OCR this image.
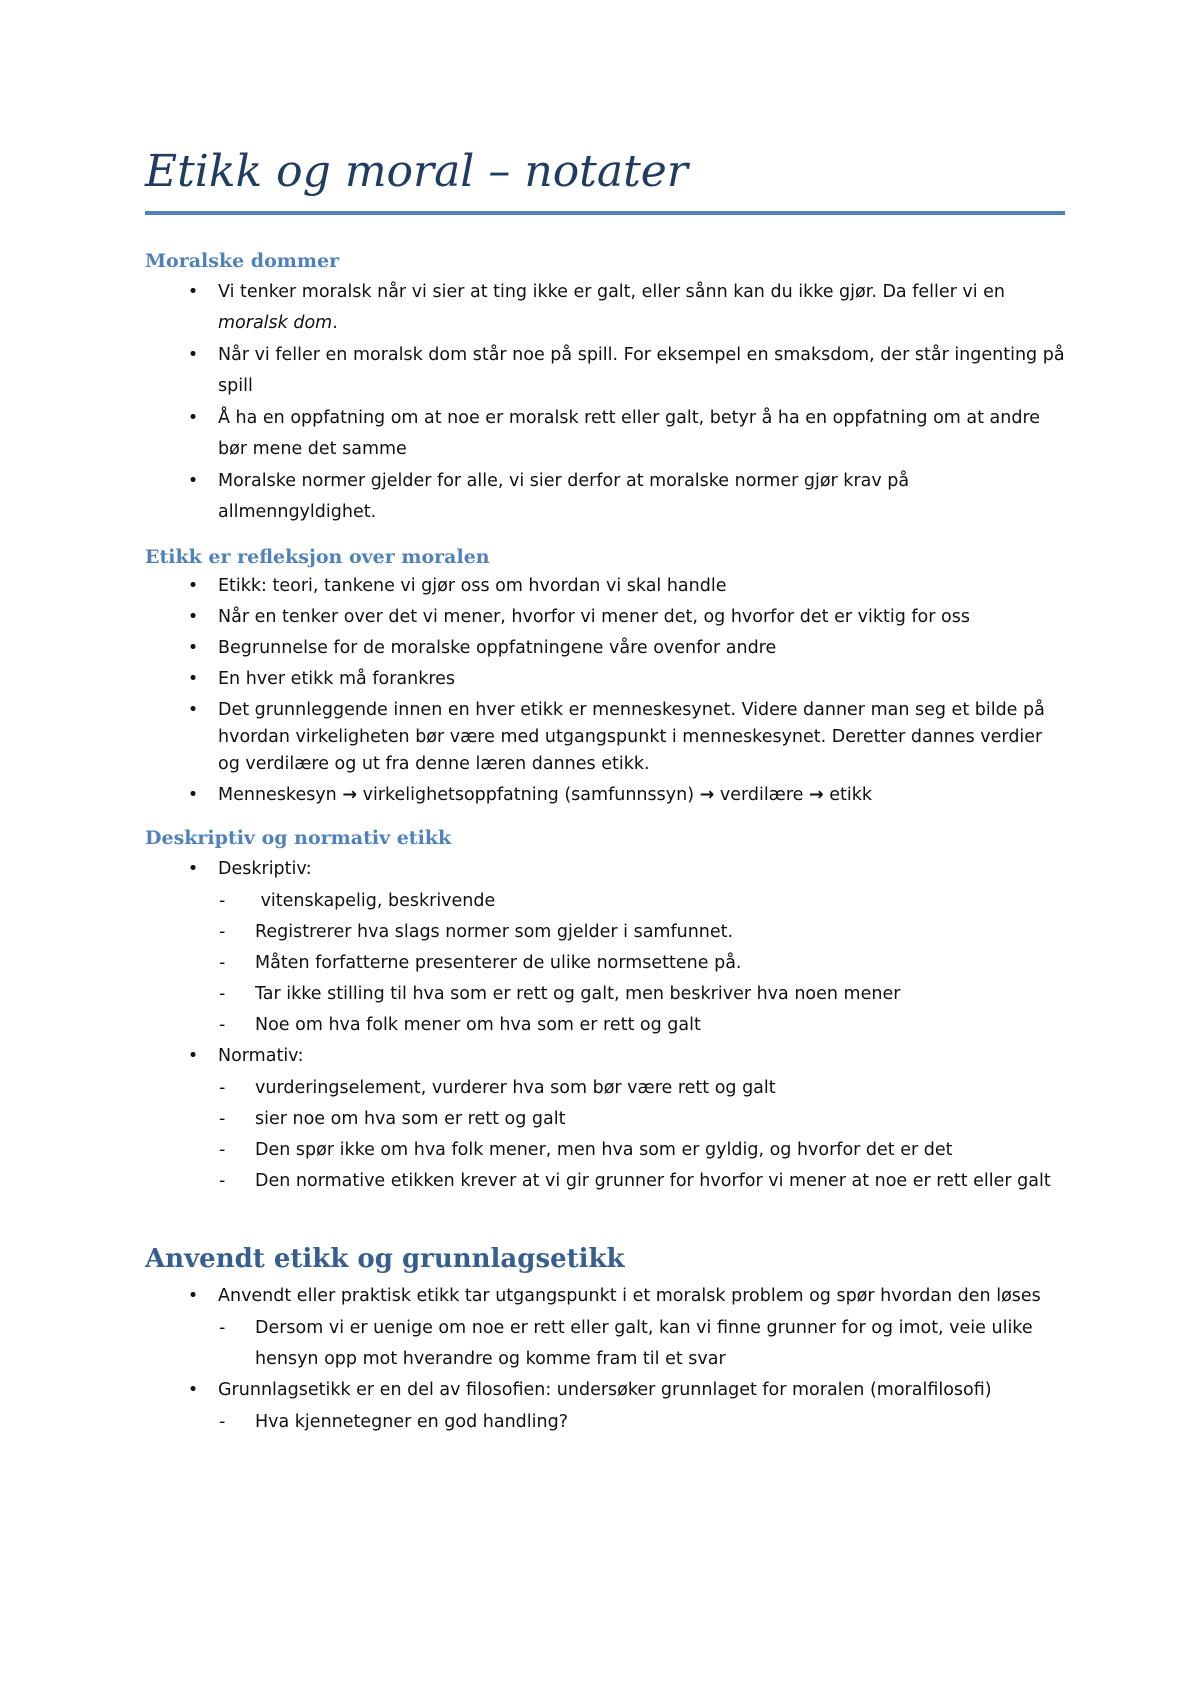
Etikk og moral – notater
Moralske dommer
• Vi tenker moralsk når vi sier at ting ikke er galt, eller sånn kan du ikke gjør. Da feller vi en moralsk dom.
• Når vi feller en moralsk dom står noe på spill. For eksempel en smaksdom, der står ingenting på spill
• Å ha en oppfatning om at noe er moralsk rett eller galt, betyr å ha en oppfatning om at andre bør mene det samme
• Moralske normer gjelder for alle, vi sier derfor at moralske normer gjør krav på allmenngyldighet.
Etikk er refleksjon over moralen
• Etikk: teori, tankene vi gjør oss om hvordan vi skal handle
• Når en tenker over det vi mener, hvorfor vi mener det, og hvorfor det er viktig for oss
• Begrunnelse for de moralske oppfatningene våre ovenfor andre
• En hver etikk må forankres
• Det grunnleggende innen en hver etikk er menneskesynet. Videre danner man seg et bilde på hvordan virkeligheten bør være med utgangspunkt i menneskesynet. Deretter dannes verdier og verdilære og ut fra denne læren dannes etikk.
• Menneskesyn → virkelighetsoppfatning (samfunnssyn) → verdilære → etikk
Deskriptiv og normativ etikk
• Deskriptiv:
- vitenskapelig, beskrivende
- Registrerer hva slags normer som gjelder i samfunnet.
- Måten forfatterne presenterer de ulike normsettene på.
- Tar ikke stilling til hva som er rett og galt, men beskriver hva noen mener
- Noe om hva folk mener om hva som er rett og galt
• Normativ:
- vurderingselement, vurderer hva som bør være rett og galt
- sier noe om hva som er rett og galt
- Den spør ikke om hva folk mener, men hva som er gyldig, og hvorfor det er det
- Den normative etikken krever at vi gir grunner for hvorfor vi mener at noe er rett eller galt
Anvendt etikk og grunnlagsetikk
• Anvendt eller praktisk etikk tar utgangspunkt i et moralsk problem og spør hvordan den løses
- Dersom vi er uenige om noe er rett eller galt, kan vi finne grunner for og imot, veie ulike hensyn opp mot hverandre og komme fram til et svar
• Grunnlagsetikk er en del av filosofien: undersøker grunnlaget for moralen (moralfilosofi)
- Hva kjennetegner en god handling?
